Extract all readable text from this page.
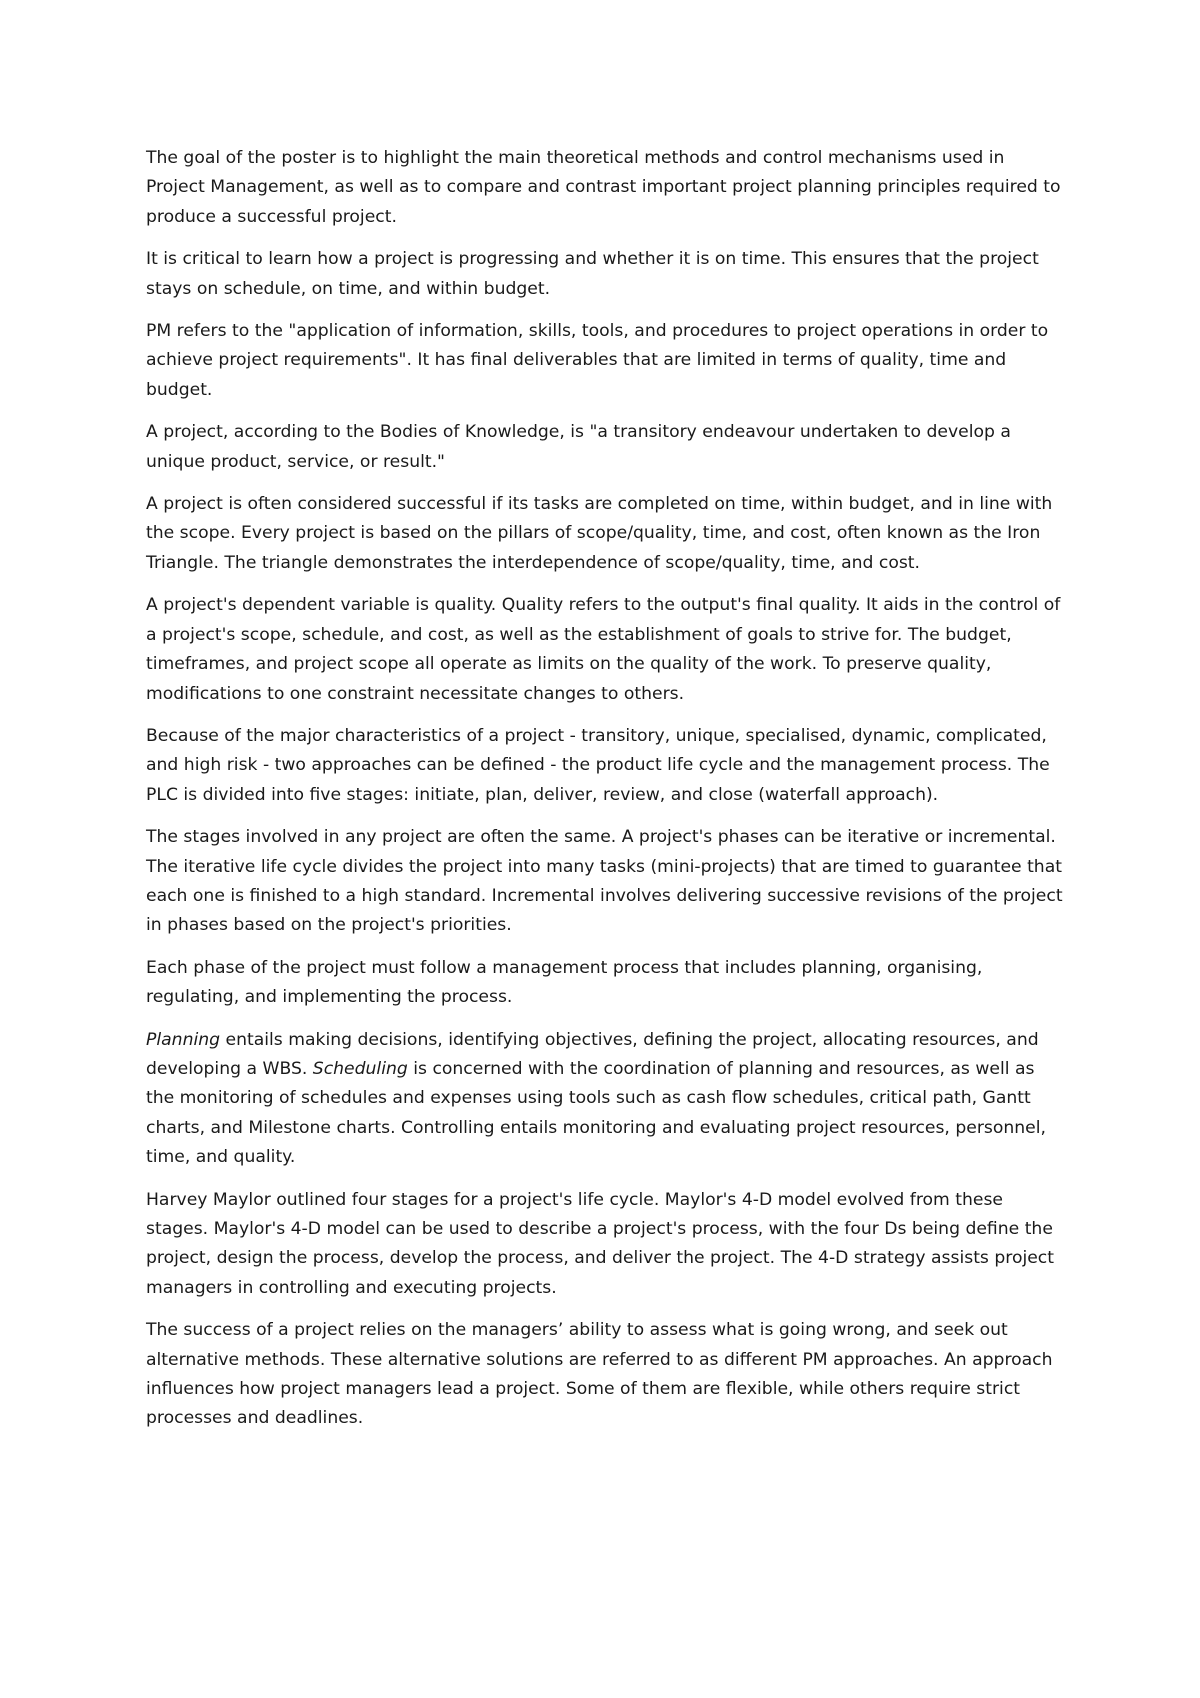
The goal of the poster is to highlight the main theoretical methods and control mechanisms used in Project Management, as well as to compare and contrast important project planning principles required to produce a successful project.

It is critical to learn how a project is progressing and whether it is on time. This ensures that the project stays on schedule, on time, and within budget.

PM refers to the "application of information, skills, tools, and procedures to project operations in order to achieve project requirements". It has final deliverables that are limited in terms of quality, time and budget.

A project, according to the Bodies of Knowledge, is "a transitory endeavour undertaken to develop a unique product, service, or result."

A project is often considered successful if its tasks are completed on time, within budget, and in line with the scope. Every project is based on the pillars of scope/quality, time, and cost, often known as the Iron Triangle. The triangle demonstrates the interdependence of scope/quality, time, and cost.

A project's dependent variable is quality. Quality refers to the output's final quality. It aids in the control of a project's scope, schedule, and cost, as well as the establishment of goals to strive for. The budget, timeframes, and project scope all operate as limits on the quality of the work. To preserve quality, modifications to one constraint necessitate changes to others.

Because of the major characteristics of a project - transitory, unique, specialised, dynamic, complicated, and high risk - two approaches can be defined - the product life cycle and the management process. The PLC is divided into five stages: initiate, plan, deliver, review, and close (waterfall approach).

The stages involved in any project are often the same. A project's phases can be iterative or incremental. The iterative life cycle divides the project into many tasks (mini-projects) that are timed to guarantee that each one is finished to a high standard. Incremental involves delivering successive revisions of the project in phases based on the project's priorities.

Each phase of the project must follow a management process that includes planning, organising, regulating, and implementing the process.

Planning entails making decisions, identifying objectives, defining the project, allocating resources, and developing a WBS. Scheduling is concerned with the coordination of planning and resources, as well as the monitoring of schedules and expenses using tools such as cash flow schedules, critical path, Gantt charts, and Milestone charts. Controlling entails monitoring and evaluating project resources, personnel, time, and quality.

Harvey Maylor outlined four stages for a project's life cycle. Maylor's 4-D model evolved from these stages. Maylor's 4-D model can be used to describe a project's process, with the four Ds being define the project, design the process, develop the process, and deliver the project. The 4-D strategy assists project managers in controlling and executing projects.

The success of a project relies on the managers’ ability to assess what is going wrong, and seek out alternative methods. These alternative solutions are referred to as different PM approaches. An approach influences how project managers lead a project. Some of them are flexible, while others require strict processes and deadlines.
